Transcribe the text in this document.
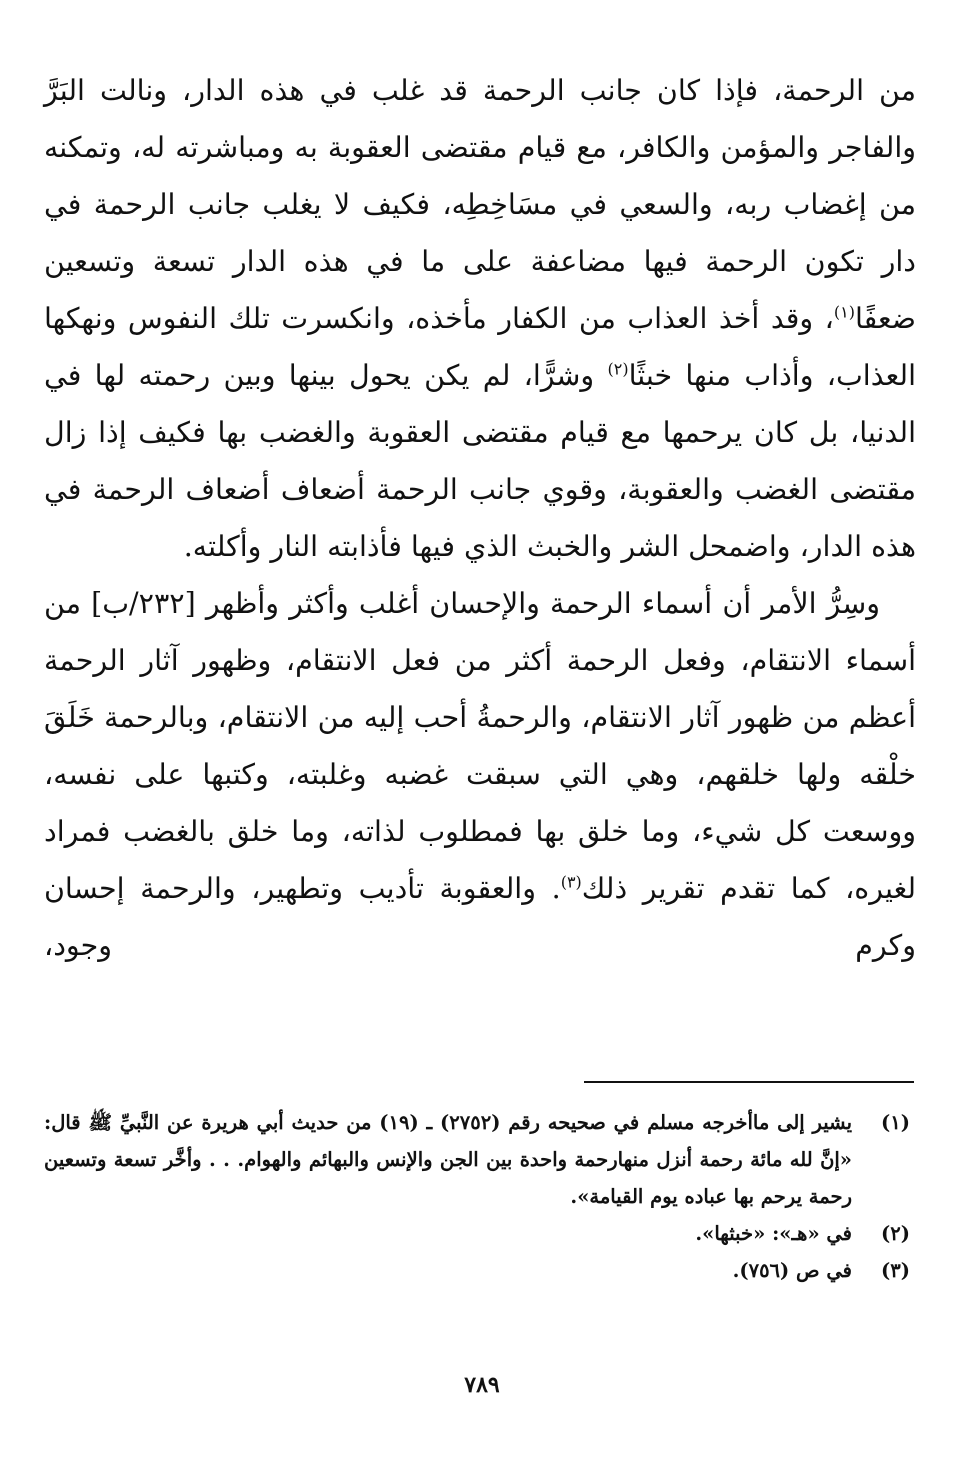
من الرحمة، فإذا كان جانب الرحمة قد غلب في هذه الدار، ونالت البَرَّ والفاجر والمؤمن والكافر، مع قيام مقتضى العقوبة به ومباشرته له، وتمكنه من إغضاب ربه، والسعي في مسَاخِطِه، فكيف لا يغلب جانب الرحمة في دار تكون الرحمة فيها مضاعفة على ما في هذه الدار تسعة وتسعين ضعفًا$^{(١)}$، وقد أخذ العذاب من الكفار مأخذه، وانكسرت تلك النفوس ونهكها العذاب، وأذاب منها خبثًا$^{(٢)}$ وشرًّا، لم يكن يحول بينها وبين رحمته لها في الدنيا، بل كان يرحمها مع قيام مقتضى العقوبة والغضب بها فكيف إذا زال مقتضى الغضب والعقوبة، وقوي جانب الرحمة أضعاف أضعاف الرحمة في هذه الدار، واضمحل الشر والخبث الذي فيها فأذابته النار وأكلته.

وسِرُّ الأمر أن أسماء الرحمة والإحسان أغلب وأكثر وأظهر [٢٣٢/ب] من أسماء الانتقام، وفعل الرحمة أكثر من فعل الانتقام، وظهور آثار الرحمة أعظم من ظهور آثار الانتقام، والرحمةُ أحب إليه من الانتقام، وبالرحمة خَلَقَ خلْقه ولها خلقهم، وهي التي سبقت غضبه وغلبته، وكتبها على نفسه، ووسعت كل شيء، وما خلق بها فمطلوب لذاته، وما خلق بالغضب فمراد لغيره، كما تقدم تقرير ذلك$^{(٣)}$. والعقوبة تأديب وتطهير، والرحمة إحسان وكرم وجود،

(١)
يشير إلى ماأخرجه مسلم في صحيحه رقم (٢٧٥٢) ـ (١٩) من حديث أبي هريرة عن النَّبيِّ ﷺ قال: «إنَّ لله مائة رحمة أنزل منهارحمة واحدة بين الجن والإنس والبهائم والهوام. . . وأخَّر تسعة وتسعين رحمة يرحم بها عباده يوم القيامة».
(٢)
في «هـ»: «خبثها».
(٣)
في ص (٧٥٦).
٧٨٩
